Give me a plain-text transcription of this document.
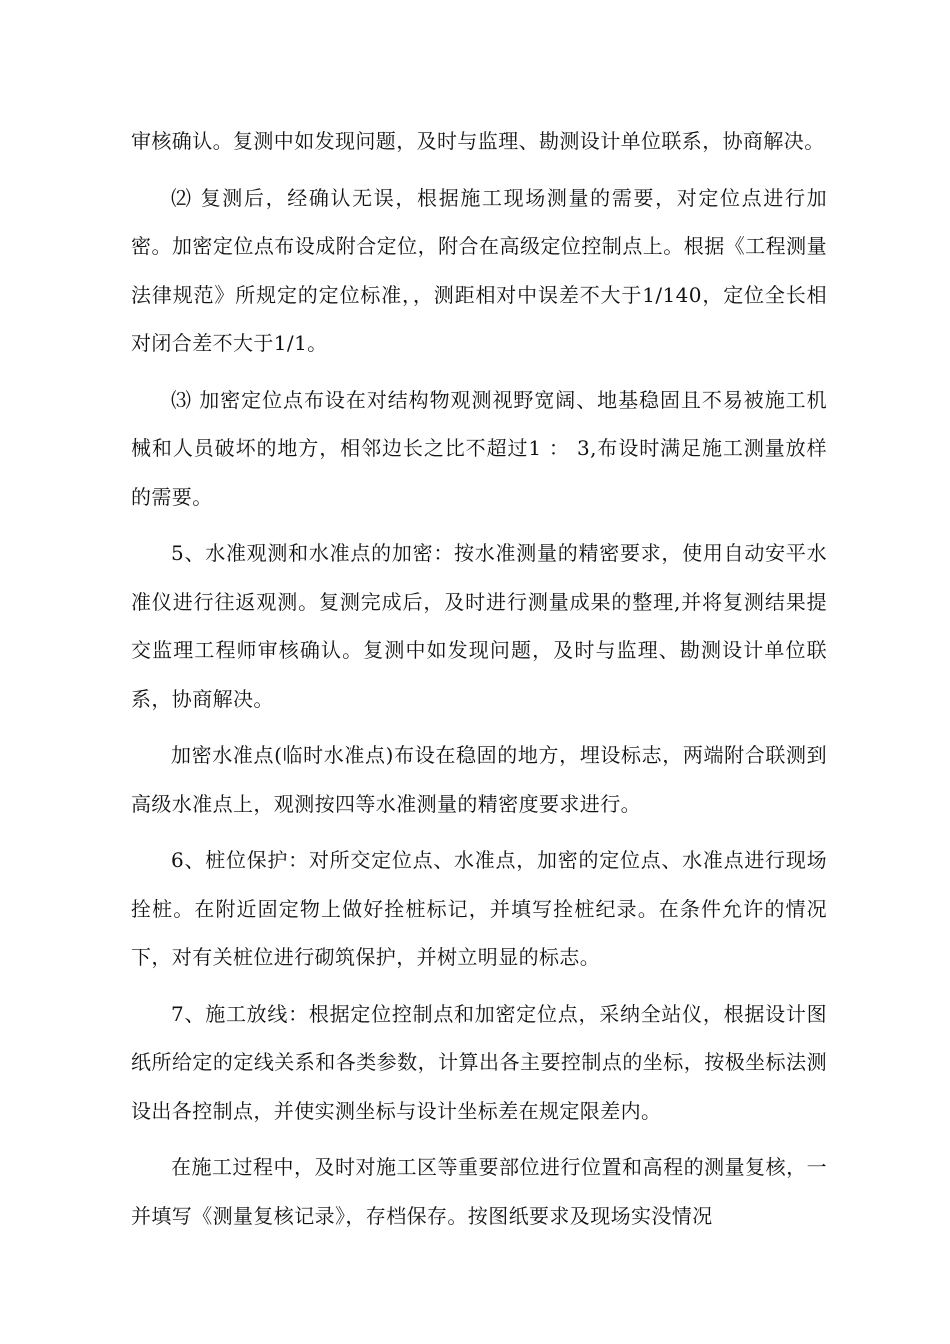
审核确认。复测中如发现问题，及时与监理、勘测设计单位联系，协商解决。

⑵ 复测后，经确认无误，根据施工现场测量的需要，对定位点进行加密。加密定位点布设成附合定位，附合在高级定位控制点上。根据《工程测量法律规范》所规定的定位标准，，测距相对中误差不大于1/140，定位全长相对闭合差不大于1/1。

⑶ 加密定位点布设在对结构物观测视野宽阔、地基稳固且不易被施工机械和人员破坏的地方，相邻边长之比不超过1 ： 3,布设时满足施工测量放样的需要。

5、水准观测和水准点的加密：按水准测量的精密要求，使用自动安平水准仪进行往返观测。复测完成后，及时进行测量成果的整理,并将复测结果提交监理工程师审核确认。复测中如发现问题，及时与监理、勘测设计单位联系，协商解决。

加密水准点(临时水准点)布设在稳固的地方，埋设标志，两端附合联测到高级水准点上，观测按四等水准测量的精密度要求进行。

6、桩位保护：对所交定位点、水准点，加密的定位点、水准点进行现场拴桩。在附近固定物上做好拴桩标记，并填写拴桩纪录。在条件允许的情况下，对有关桩位进行砌筑保护，并树立明显的标志。

7、施工放线：根据定位控制点和加密定位点，采纳全站仪，根据设计图纸所给定的定线关系和各类参数，计算出各主要控制点的坐标，按极坐标法测设出各控制点，并使实测坐标与设计坐标差在规定限差内。

在施工过程中，及时对施工区等重要部位进行位置和高程的测量复核，一并填写《测量复核记录》，存档保存。按图纸要求及现场实没情况
